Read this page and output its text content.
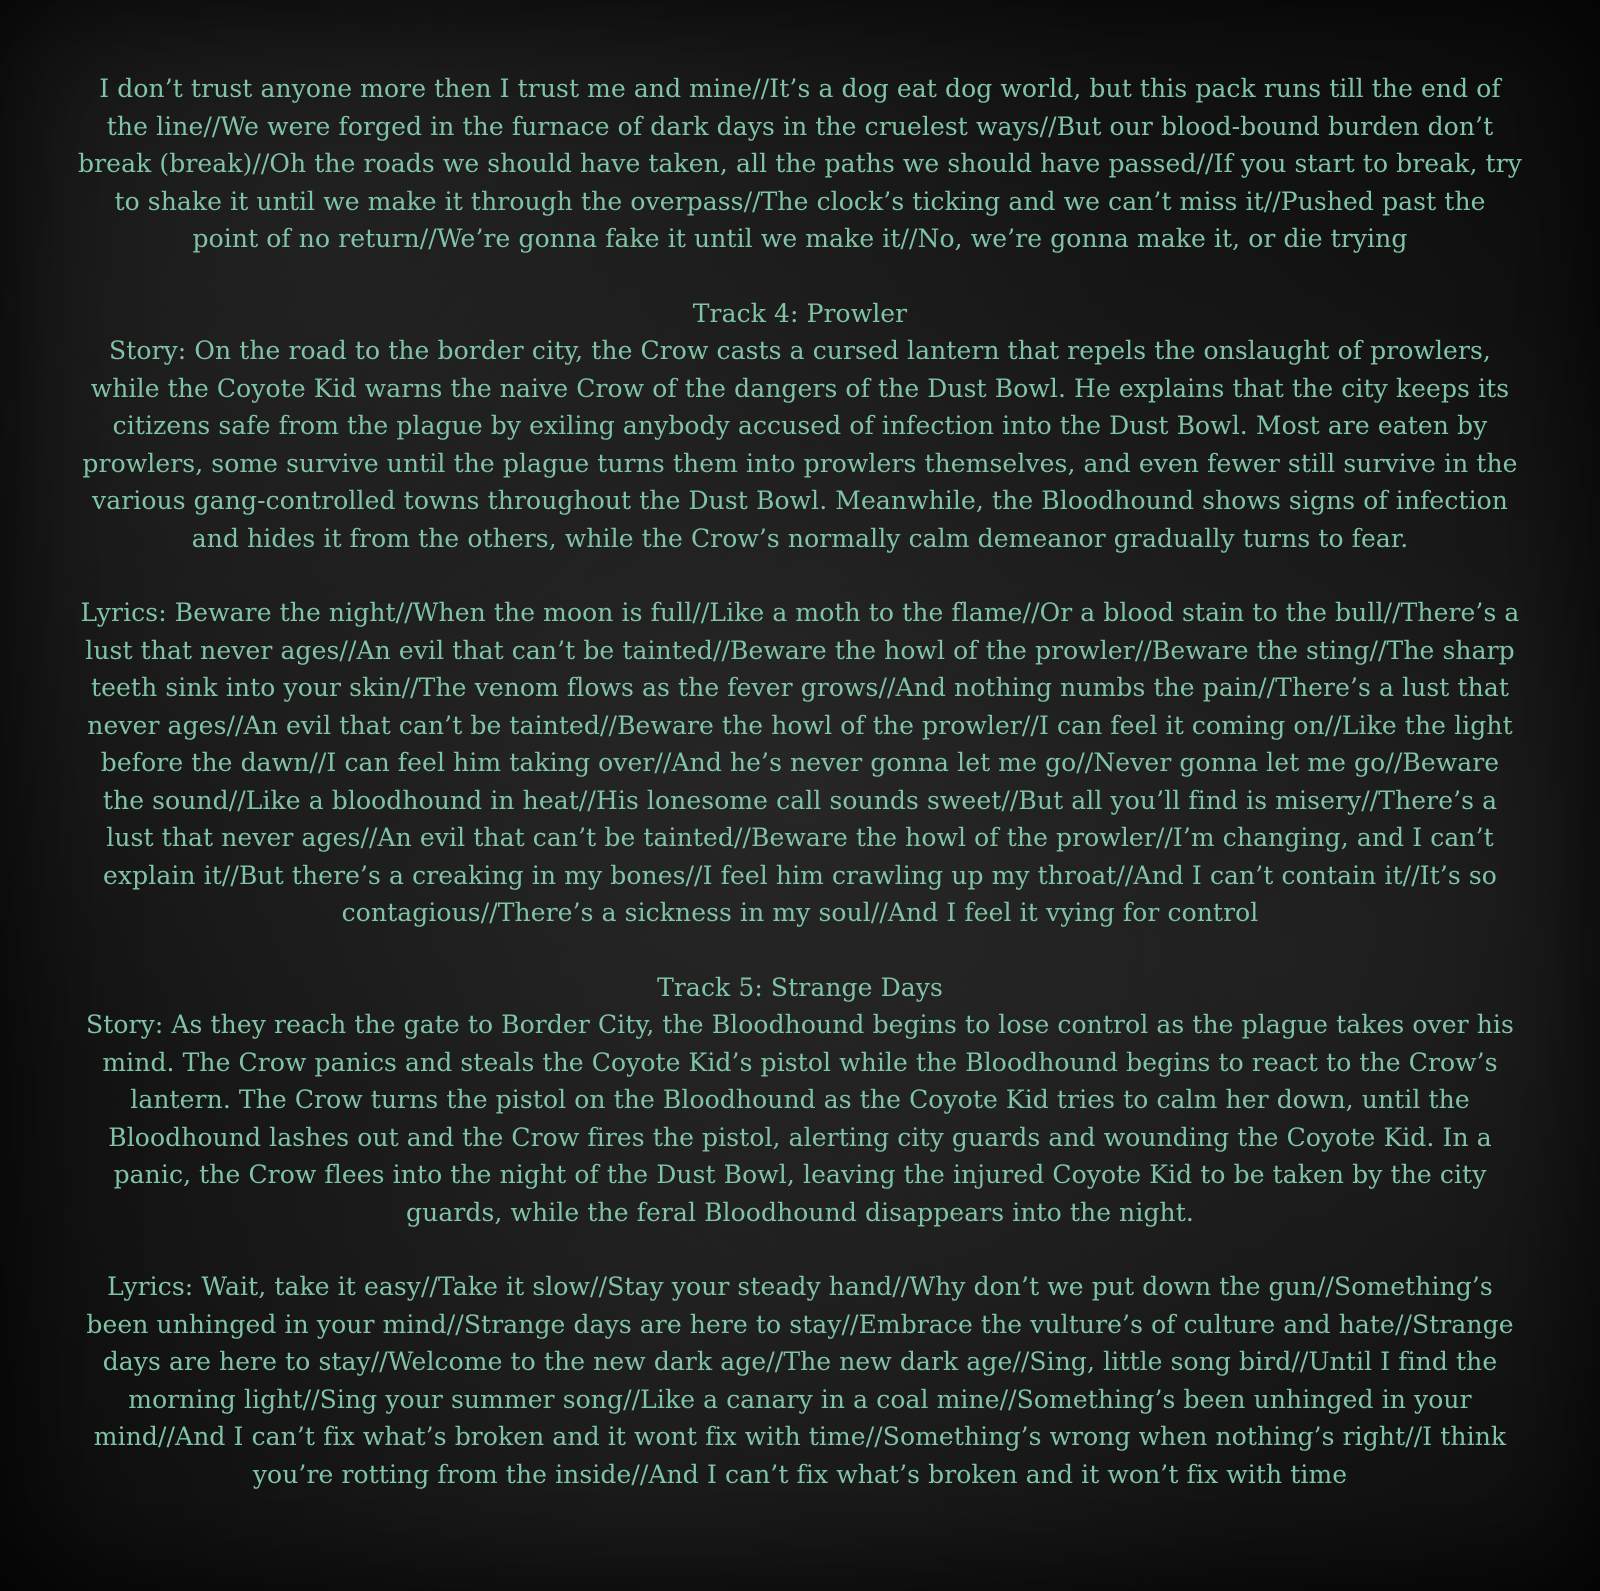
I don’t trust anyone more then I trust me and mine//It’s a dog eat dog world, but this pack runs till the end of the line//We were forged in the furnace of dark days in the cruelest ways//But our blood-bound burden don’t break (break)//Oh the roads we should have taken, all the paths we should have passed//If you start to break, try to shake it until we make it through the overpass//The clock’s ticking and we can’t miss it//Pushed past the point of no return//We’re gonna fake it until we make it//No, we’re gonna make it, or die trying

Track 4: Prowler

Story: On the road to the border city, the Crow casts a cursed lantern that repels the onslaught of prowlers, while the Coyote Kid warns the naive Crow of the dangers of the Dust Bowl. He explains that the city keeps its citizens safe from the plague by exiling anybody accused of infection into the Dust Bowl. Most are eaten by prowlers, some survive until the plague turns them into prowlers themselves, and even fewer still survive in the various gang-controlled towns throughout the Dust Bowl. Meanwhile, the Bloodhound shows signs of infection and hides it from the others, while the Crow’s normally calm demeanor gradually turns to fear.

Lyrics: Beware the night//When the moon is full//Like a moth to the flame//Or a blood stain to the bull//There’s a lust that never ages//An evil that can’t be tainted//Beware the howl of the prowler//Beware the sting//The sharp teeth sink into your skin//The venom flows as the fever grows//And nothing numbs the pain//There’s a lust that never ages//An evil that can’t be tainted//Beware the howl of the prowler//I can feel it coming on//Like the light before the dawn//I can feel him taking over//And he’s never gonna let me go//Never gonna let me go//Beware the sound//Like a bloodhound in heat//His lonesome call sounds sweet//But all you’ll find is misery//There’s a lust that never ages//An evil that can’t be tainted//Beware the howl of the prowler//I’m changing, and I can’t explain it//But there’s a creaking in my bones//I feel him crawling up my throat//And I can’t contain it//It’s so contagious//There’s a sickness in my soul//And I feel it vying for control

Track 5: Strange Days

Story: As they reach the gate to Border City, the Bloodhound begins to lose control as the plague takes over his mind. The Crow panics and steals the Coyote Kid’s pistol while the Bloodhound begins to react to the Crow’s lantern. The Crow turns the pistol on the Bloodhound as the Coyote Kid tries to calm her down, until the Bloodhound lashes out and the Crow fires the pistol, alerting city guards and wounding the Coyote Kid. In a panic, the Crow flees into the night of the Dust Bowl, leaving the injured Coyote Kid to be taken by the city guards, while the feral Bloodhound disappears into the night.

Lyrics: Wait, take it easy//Take it slow//Stay your steady hand//Why don’t we put down the gun//Something’s been unhinged in your mind//Strange days are here to stay//Embrace the vulture’s of culture and hate//Strange days are here to stay//Welcome to the new dark age//The new dark age//Sing, little song bird//Until I find the morning light//Sing your summer song//Like a canary in a coal mine//Something’s been unhinged in your mind//And I can’t fix what’s broken and it wont fix with time//Something’s wrong when nothing’s right//I think you’re rotting from the inside//And I can’t fix what’s broken and it won’t fix with time
